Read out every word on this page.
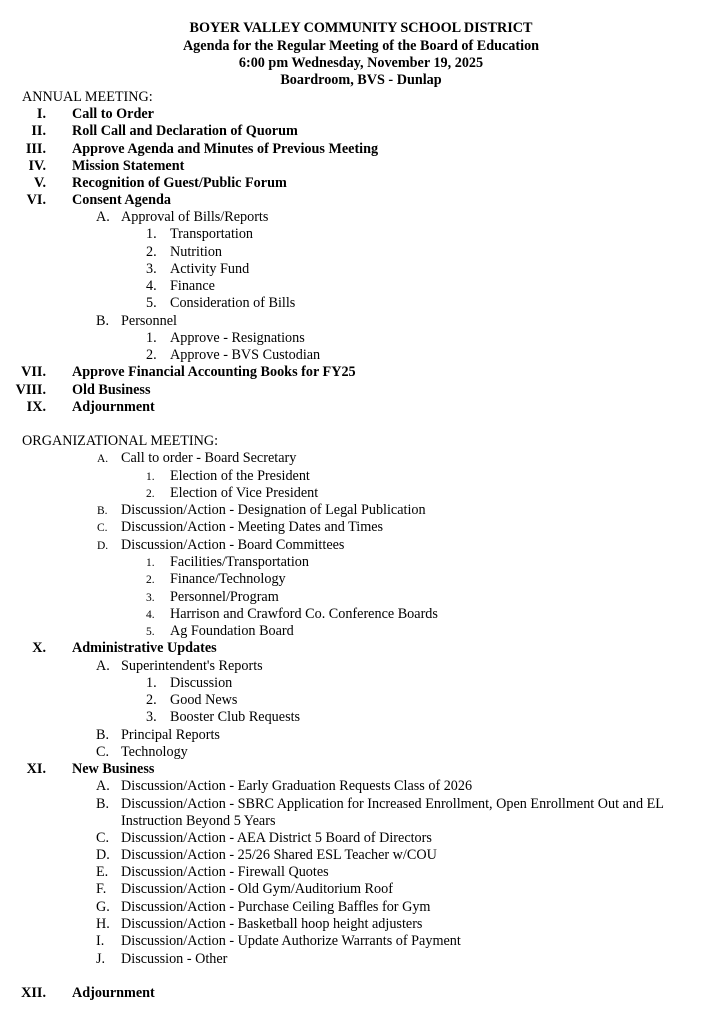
BOYER VALLEY COMMUNITY SCHOOL DISTRICT
Agenda for the Regular Meeting of the Board of Education
6:00 pm Wednesday, November 19, 2025
Boardroom, BVS - Dunlap
ANNUAL MEETING:
I. Call to Order
II. Roll Call and Declaration of Quorum
III. Approve Agenda and Minutes of Previous Meeting
IV. Mission Statement
V. Recognition of Guest/Public Forum
VI. Consent Agenda
A. Approval of Bills/Reports
1. Transportation
2. Nutrition
3. Activity Fund
4. Finance
5. Consideration of Bills
B. Personnel
1. Approve - Resignations
2. Approve - BVS Custodian
VII. Approve Financial Accounting Books for FY25
VIII. Old Business
IX. Adjournment
ORGANIZATIONAL MEETING:
A. Call to order - Board Secretary
1. Election of the President
2. Election of Vice President
B. Discussion/Action - Designation of Legal Publication
C. Discussion/Action - Meeting Dates and Times
D. Discussion/Action - Board Committees
1. Facilities/Transportation
2. Finance/Technology
3. Personnel/Program
4. Harrison and Crawford Co. Conference Boards
5. Ag Foundation Board
X. Administrative Updates
A. Superintendent's Reports
1. Discussion
2. Good News
3. Booster Club Requests
B. Principal Reports
C. Technology
XI. New Business
A. Discussion/Action - Early Graduation Requests Class of 2026
B. Discussion/Action - SBRC Application for Increased Enrollment, Open Enrollment Out and EL Instruction Beyond 5 Years
C. Discussion/Action - AEA District 5 Board of Directors
D. Discussion/Action - 25/26 Shared ESL Teacher w/COU
E. Discussion/Action - Firewall Quotes
F. Discussion/Action - Old Gym/Auditorium Roof
G. Discussion/Action - Purchase Ceiling Baffles for Gym
H. Discussion/Action - Basketball hoop height adjusters
I. Discussion/Action - Update Authorize Warrants of Payment
J. Discussion - Other
XII. Adjournment
